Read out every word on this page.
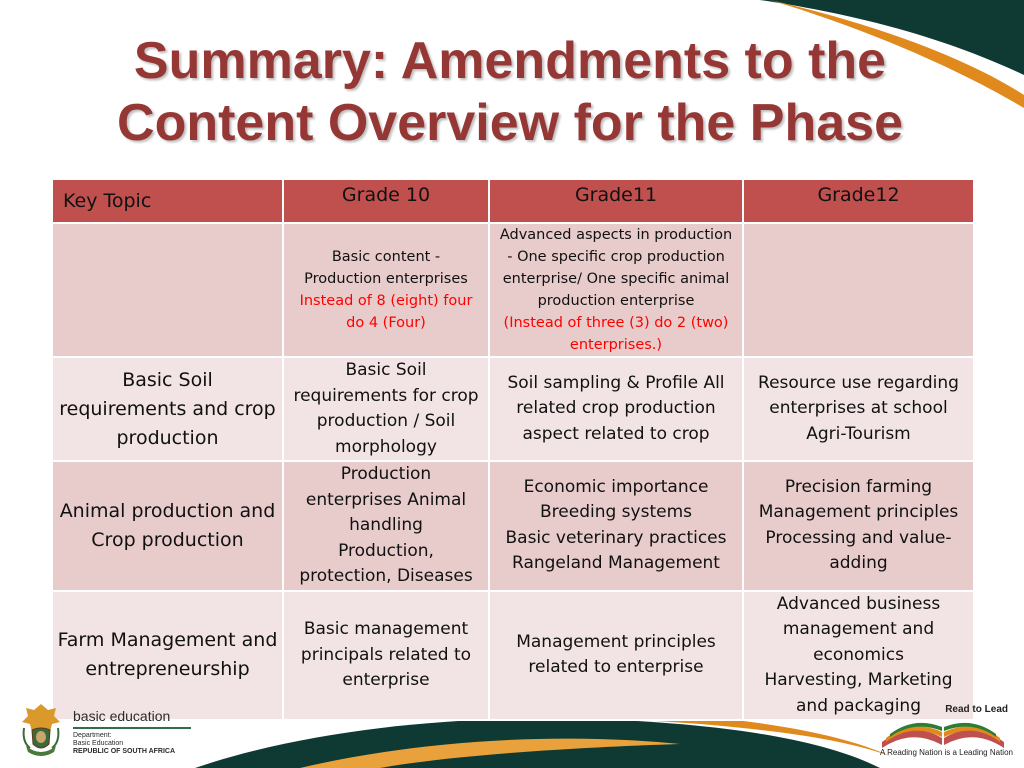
Summary: Amendments to the
Content Overview for the Phase
Key Topic	Grade 10	Grade11	Grade12

	Basic content -
Production enterprises
Instead of 8 (eight) four do 4 (Four)	Advanced aspects in production - One specific crop production enterprise/ One specific animal production enterprise
(Instead of three (3) do 2 (two) enterprises.)	

Basic Soil requirements and crop production	Basic Soil requirements for crop production / Soil morphology	Soil sampling & Profile All related crop production aspect related to crop	Resource use regarding
enterprises at school
Agri-Tourism

Animal production and Crop production	Production
enterprises Animal handling
Production, protection, Diseases	Economic importance
Breeding systems
Basic veterinary practices
Rangeland Management	Precision farming
Management principles
Processing and value-adding

Farm Management and entrepreneurship	Basic management principals related to enterprise	Management principles related to enterprise	Advanced business management and economics
Harvesting, Marketing and packaging
basic education
Department:
Basic Education
REPUBLIC OF SOUTH AFRICA
Read to Lead
A Reading Nation is a Leading Nation
